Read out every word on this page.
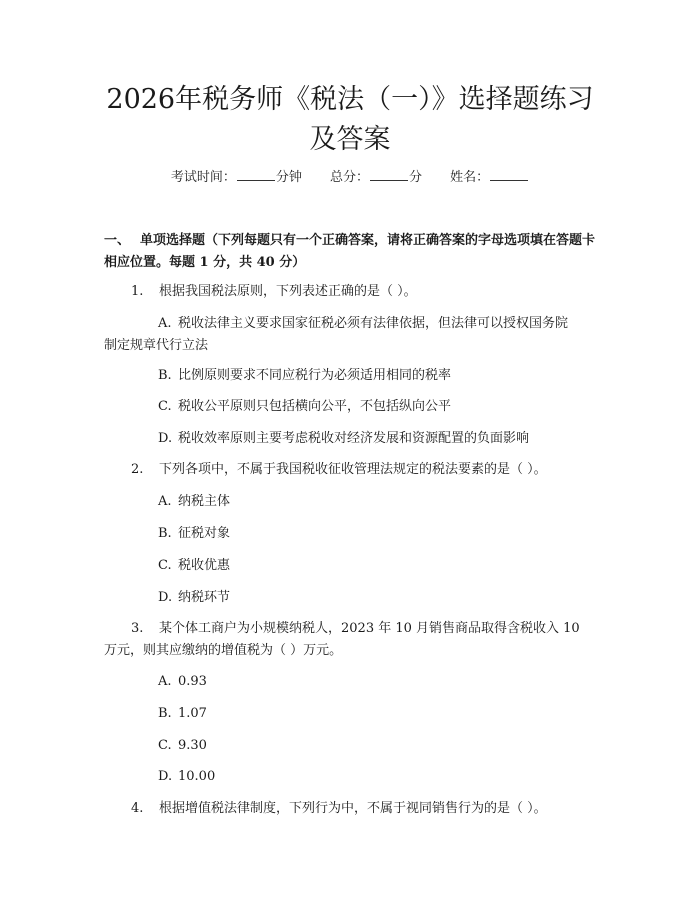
2026年税务师《税法（一）》选择题练习及答案
考试时间：	分钟 总分：	分 姓名：

一、 单项选择题（下列每题只有一个正确答案，请将正确答案的字母选项填在答题卡相应位置。每题 1 分，共 40 分）

1. 根据我国税法原则，下列表述正确的是（ ）。

A. 税收法律主义要求国家征税必须有法律依据，但法律可以授权国务院

制定规章代行立法

B. 比例原则要求不同应税行为必须适用相同的税率

C. 税收公平原则只包括横向公平，不包括纵向公平

D. 税收效率原则主要考虑税收对经济发展和资源配置的负面影响

2. 下列各项中，不属于我国税收征收管理法规定的税法要素的是（ ）。

A. 纳税主体

B. 征税对象

C. 税收优惠

D. 纳税环节

3. 某个体工商户为小规模纳税人，2023 年 10 月销售商品取得含税收入 10

万元，则其应缴纳的增值税为（ ）万元。

A. 0.93

B. 1.07

C. 9.30

D. 10.00

4. 根据增值税法律制度，下列行为中，不属于视同销售行为的是（ ）。
